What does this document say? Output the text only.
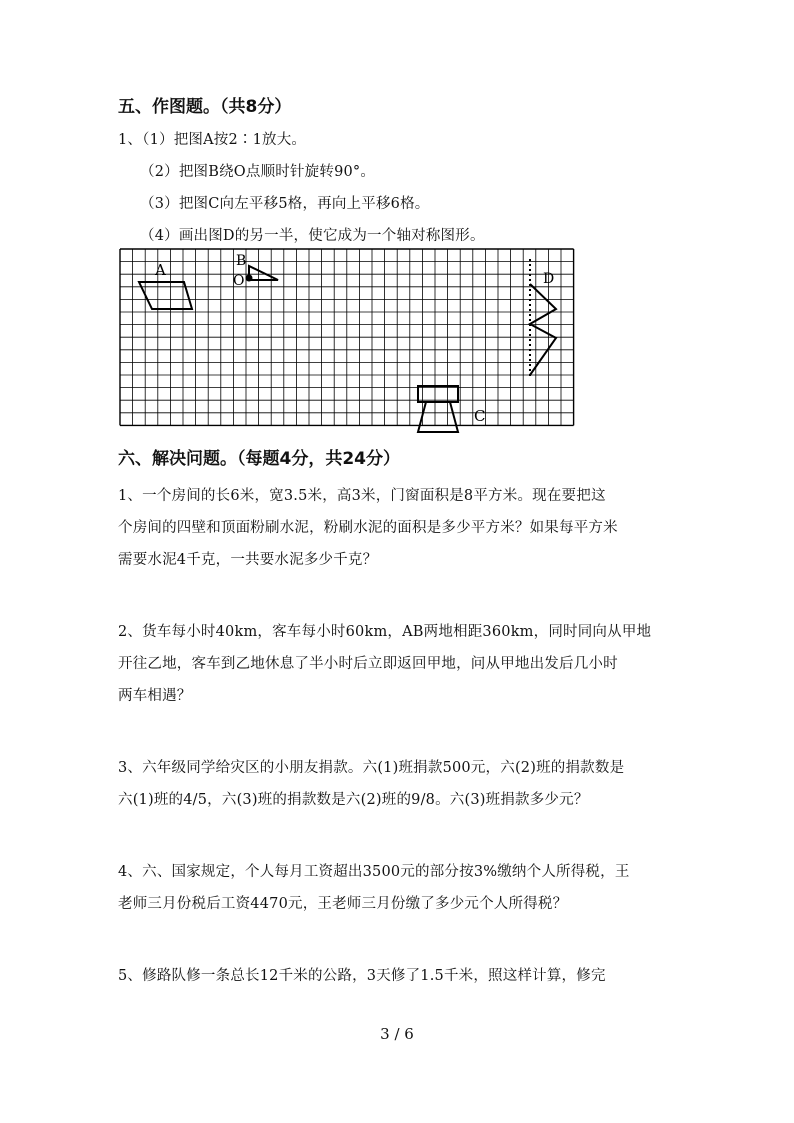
五、作图题。（共8分）
1、（1）把图A按2∶1放大。
（2）把图B绕O点顺时针旋转90°。
（3）把图C向左平移5格，再向上平移6格。
（4）画出图D的另一半，使它成为一个轴对称图形。
A	B
O
C
D
六、解决问题。（每题4分，共24分）
1、一个房间的长6米，宽3.5米，高3米，门窗面积是8平方米。现在要把这
个房间的四壁和顶面粉刷水泥，粉刷水泥的面积是多少平方米？如果每平方米
需要水泥4千克，一共要水泥多少千克？
2、货车每小时40km，客车每小时60km，AB两地相距360km，同时同向从甲地
开往乙地，客车到乙地休息了半小时后立即返回甲地，问从甲地出发后几小时
两车相遇？
3、六年级同学给灾区的小朋友捐款。六(1)班捐款500元，六(2)班的捐款数是
六(1)班的4/5，六(3)班的捐款数是六(2)班的9/8。六(3)班捐款多少元？
4、六、国家规定，个人每月工资超出3500元的部分按3%缴纳个人所得税，王
老师三月份税后工资4470元，王老师三月份缴了多少元个人所得税？
5、修路队修一条总长12千米的公路，3天修了1.5千米，照这样计算，修完
3 / 6
